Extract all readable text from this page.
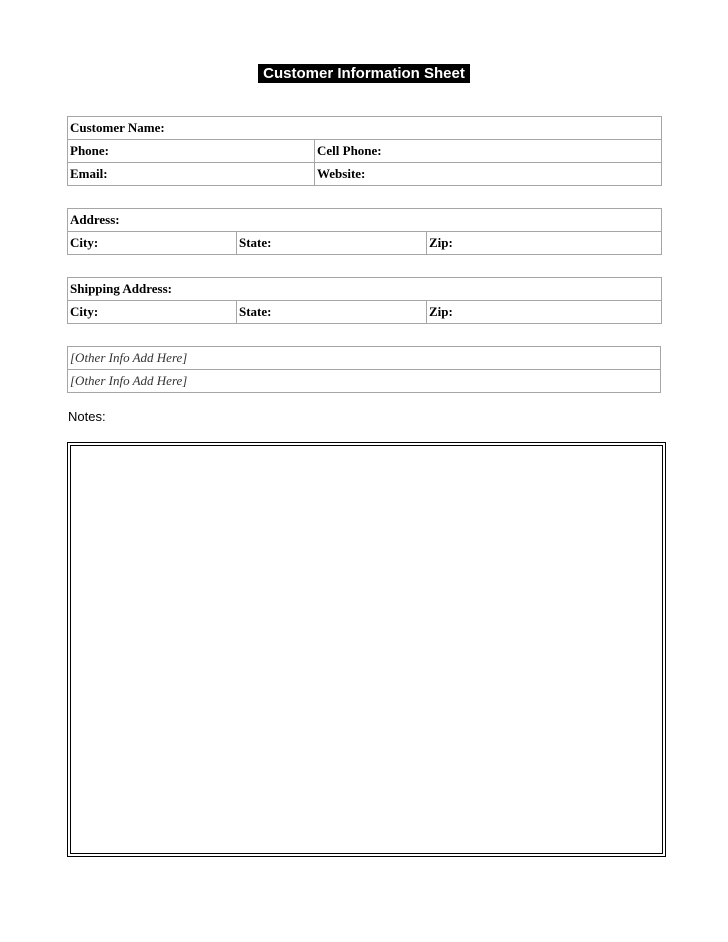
Customer Information Sheet
Customer Name:	
Phone:	Cell Phone:
Email:	Website:
Address:
City:	State:	Zip:
Shipping Address:
City:	State:	Zip:
[Other Info Add Here]
[Other Info Add Here]
Notes:
